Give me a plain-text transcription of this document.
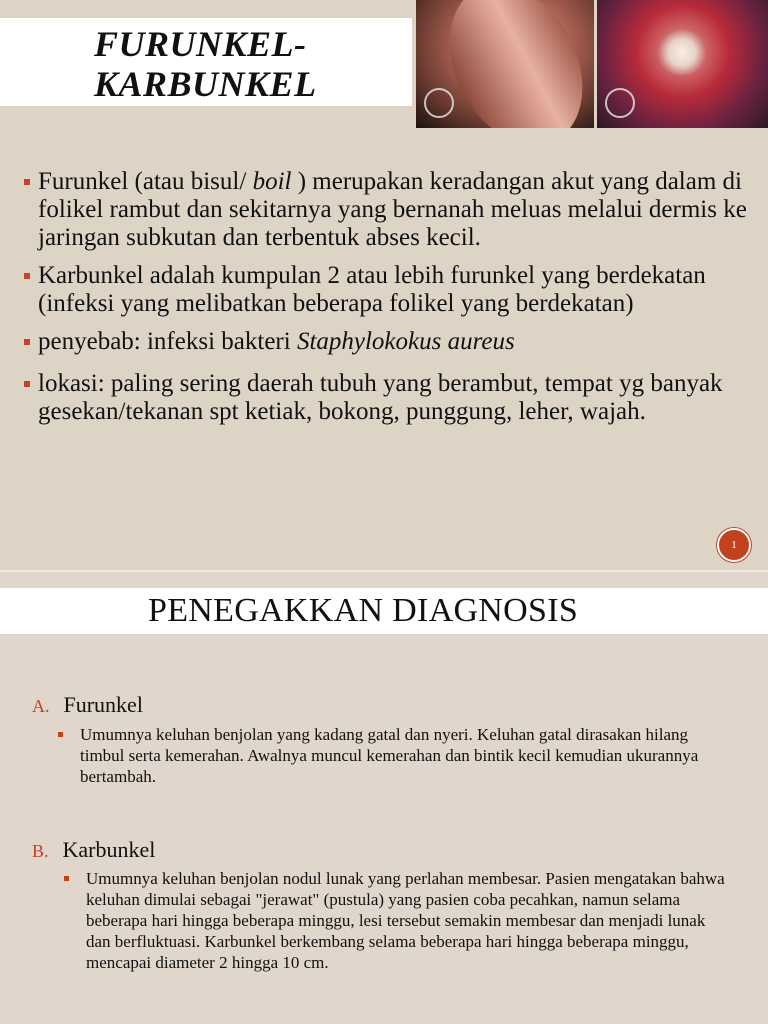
FURUNKEL-
KARBUNKEL
Furunkel (atau bisul/ boil ) merupakan keradangan akut yang dalam di folikel rambut dan sekitarnya yang bernanah meluas melalui dermis ke jaringan subkutan dan terbentuk abses kecil.
Karbunkel adalah kumpulan 2 atau lebih furunkel yang berdekatan (infeksi yang melibatkan beberapa folikel yang berdekatan)
penyebab: infeksi bakteri Staphylokokus aureus
lokasi: paling sering daerah tubuh yang berambut, tempat yg banyak gesekan/tekanan spt ketiak, bokong, punggung, leher, wajah.
1
PENEGAKKAN DIAGNOSIS
A. Furunkel
Umumnya keluhan benjolan yang kadang gatal dan nyeri. Keluhan gatal dirasakan hilang timbul serta kemerahan. Awalnya muncul kemerahan dan bintik kecil kemudian ukurannya bertambah.
B. Karbunkel
Umumnya keluhan benjolan nodul lunak yang perlahan membesar. Pasien mengatakan bahwa keluhan dimulai sebagai "jerawat" (pustula) yang pasien coba pecahkan, namun selama beberapa hari hingga beberapa minggu, lesi tersebut semakin membesar dan menjadi lunak dan berfluktuasi. Karbunkel berkembang selama beberapa hari hingga beberapa minggu, mencapai diameter 2 hingga 10 cm.
